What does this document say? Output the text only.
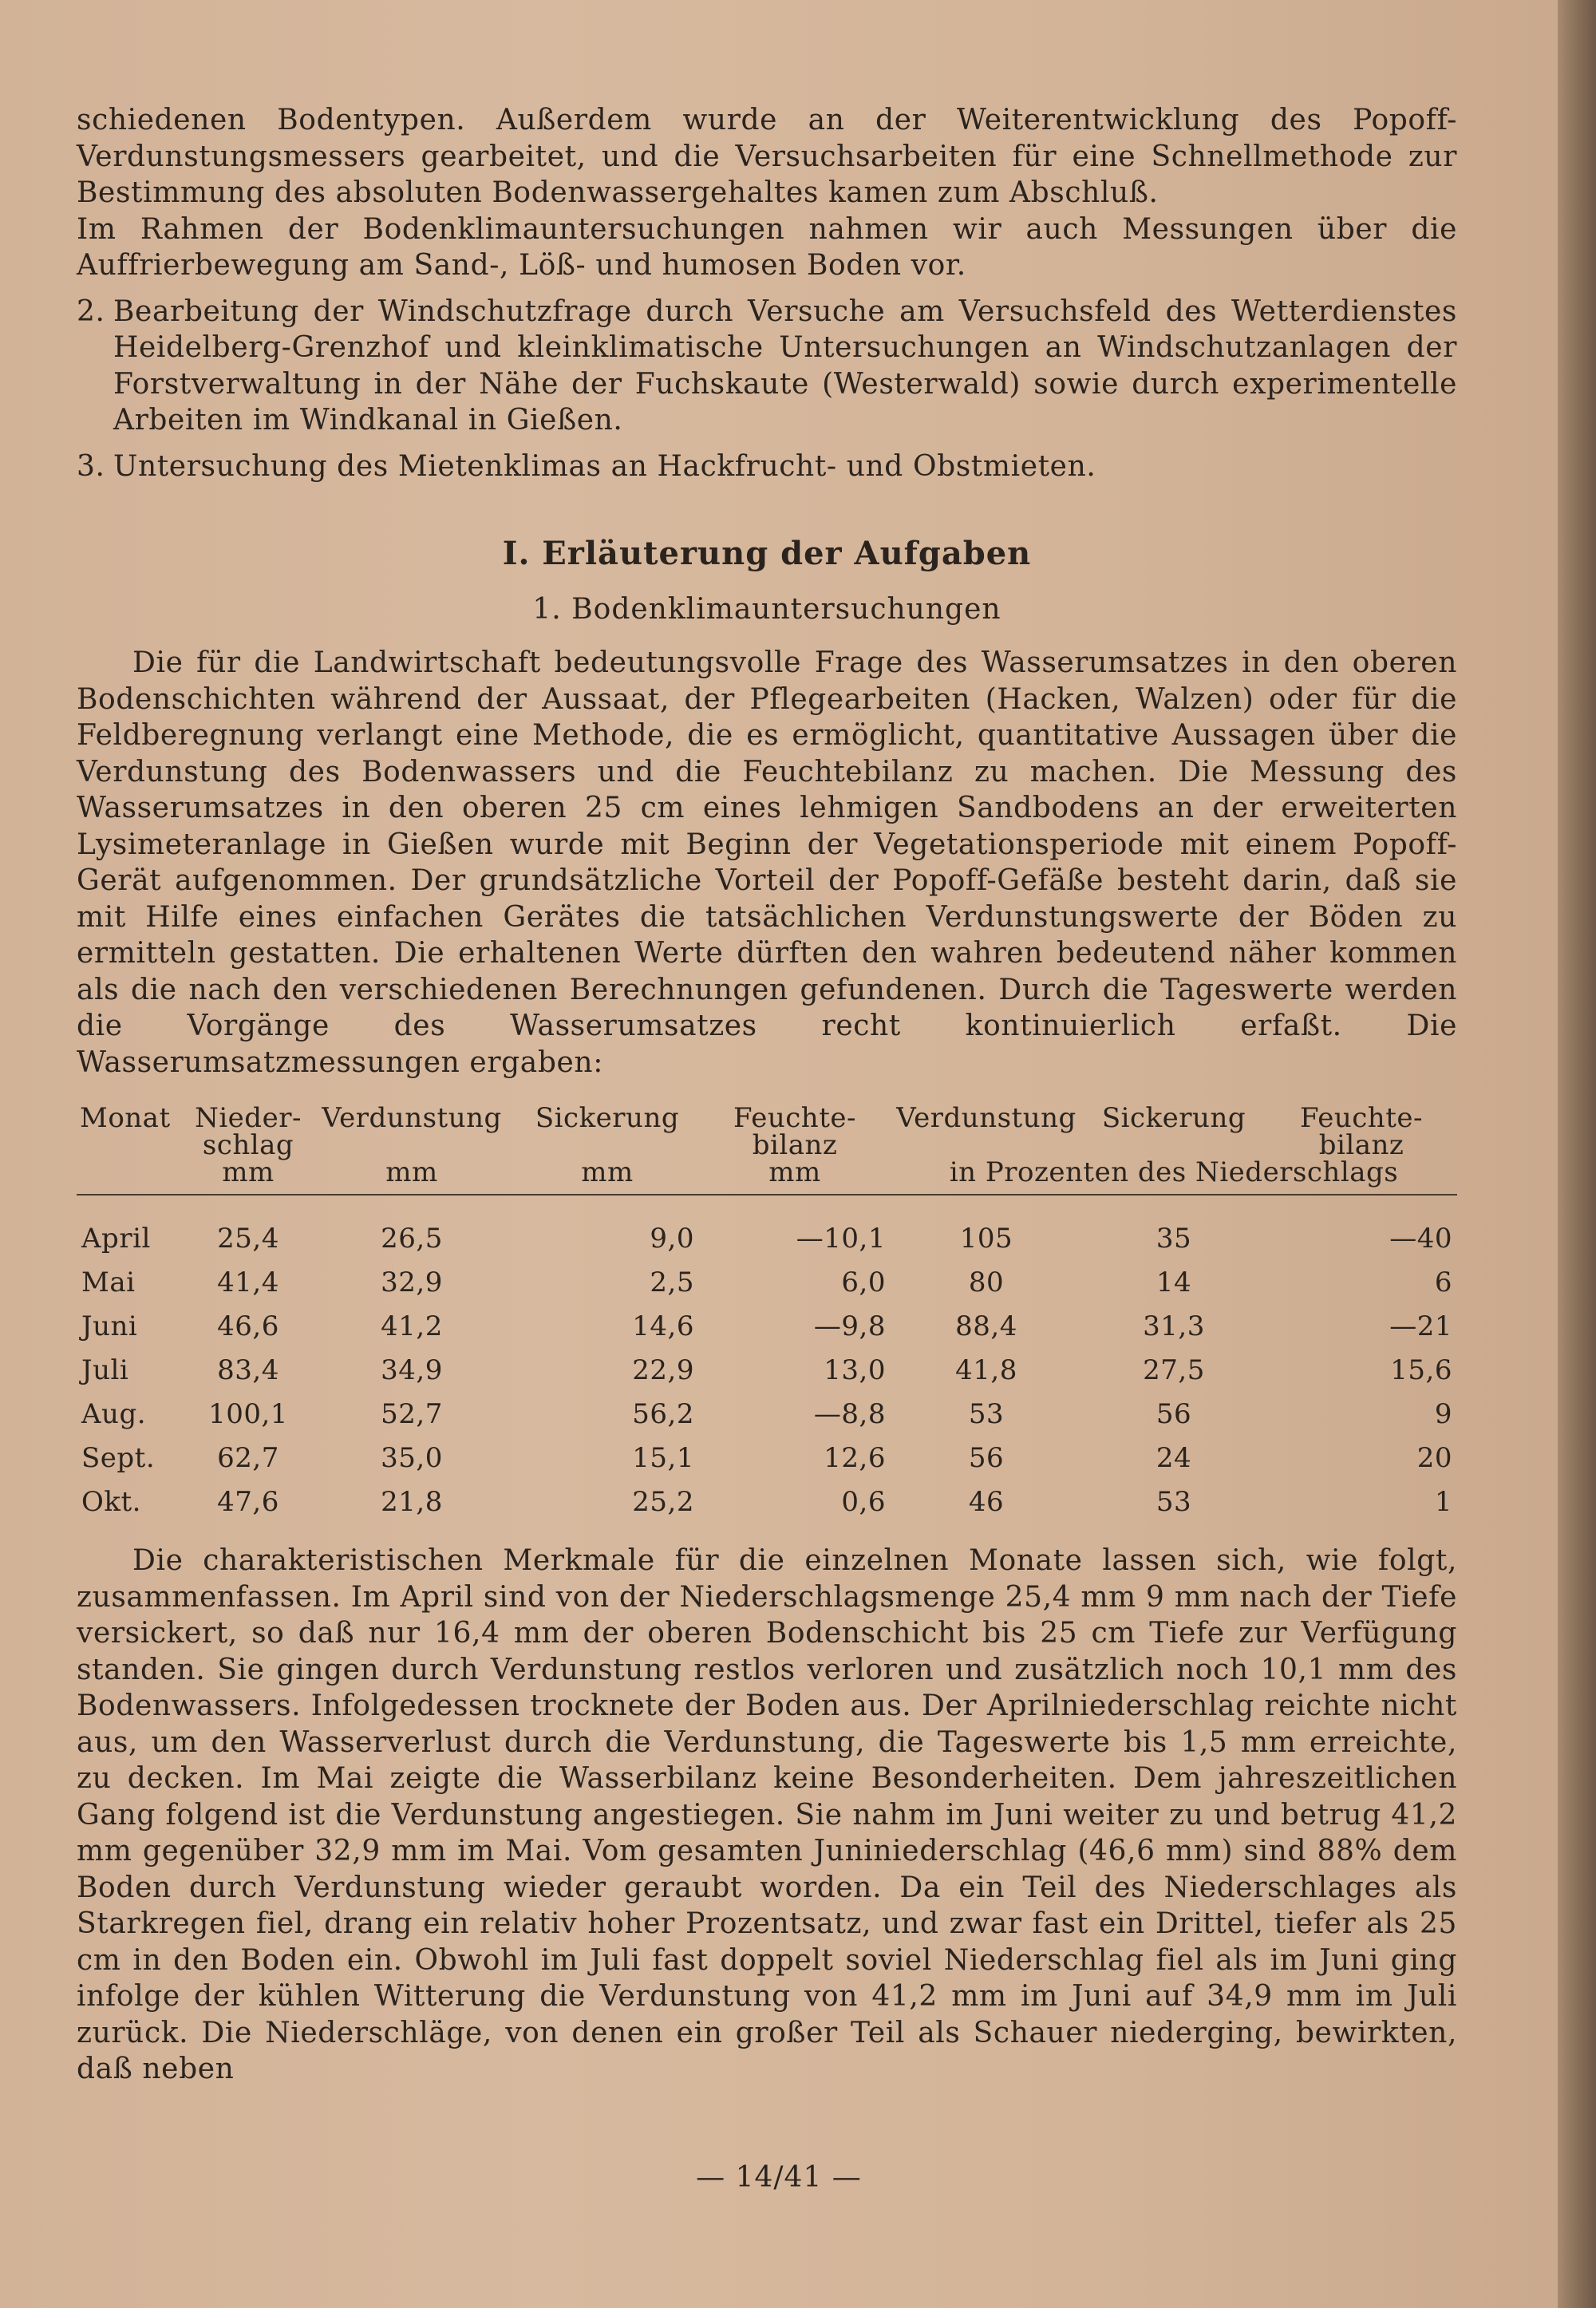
schiedenen Bodentypen. Außerdem wurde an der Weiterentwicklung des Popoff-Verdunstungsmessers gearbeitet, und die Versuchsarbeiten für eine Schnellmethode zur Bestimmung des absoluten Bodenwassergehaltes kamen zum Abschluß.

Im Rahmen der Bodenklimauntersuchungen nahmen wir auch Messungen über die Auffrierbewegung am Sand-, Löß- und humosen Boden vor.

2. Bearbeitung der Windschutzfrage durch Versuche am Versuchsfeld des Wetterdienstes Heidelberg-Grenzhof und kleinklimatische Untersuchungen an Windschutzanlagen der Forstverwaltung in der Nähe der Fuchskaute (Westerwald) sowie durch experimentelle Arbeiten im Windkanal in Gießen.
3. Untersuchung des Mietenklimas an Hackfrucht- und Obstmieten.
I. Erläuterung der Aufgaben
1. Bodenklimauntersuchungen

Die für die Landwirtschaft bedeutungsvolle Frage des Wasserumsatzes in den oberen Bodenschichten während der Aussaat, der Pflegearbeiten (Hacken, Walzen) oder für die Feldberegnung verlangt eine Methode, die es ermöglicht, quantitative Aussagen über die Verdunstung des Bodenwassers und die Feuchtebilanz zu machen. Die Messung des Wasserumsatzes in den oberen 25 cm eines lehmigen Sandbodens an der erweiterten Lysimeteranlage in Gießen wurde mit Beginn der Vegetationsperiode mit einem Popoff-Gerät aufgenommen. Der grundsätzliche Vorteil der Popoff-Gefäße besteht darin, daß sie mit Hilfe eines einfachen Gerätes die tatsächlichen Verdunstungswerte der Böden zu ermitteln gestatten. Die erhaltenen Werte dürften den wahren bedeutend näher kommen als die nach den verschiedenen Berechnungen gefundenen. Durch die Tageswerte werden die Vorgänge des Wasserumsatzes recht kontinuierlich erfaßt. Die Wasserumsatzmessungen ergaben:

Monat	Nieder-schlag	Verdunstung	Sickerung	Feuchte-bilanz	Verdunstung	Sickerung	Feuchte-bilanz
	mm	mm	mm	mm	in Prozenten des Niederschlags		
April	25,4	26,5	9,0	—10,1	105	35	—40
Mai	41,4	32,9	2,5	6,0	80	14	6
Juni	46,6	41,2	14,6	—9,8	88,4	31,3	—21
Juli	83,4	34,9	22,9	13,0	41,8	27,5	15,6
Aug.	100,1	52,7	56,2	—8,8	53	56	9
Sept.	62,7	35,0	15,1	12,6	56	24	20
Okt.	47,6	21,8	25,2	0,6	46	53	1

Die charakteristischen Merkmale für die einzelnen Monate lassen sich, wie folgt, zusammenfassen. Im April sind von der Niederschlagsmenge 25,4 mm 9 mm nach der Tiefe versickert, so daß nur 16,4 mm der oberen Bodenschicht bis 25 cm Tiefe zur Verfügung standen. Sie gingen durch Verdunstung restlos verloren und zusätzlich noch 10,1 mm des Bodenwassers. Infolgedessen trocknete der Boden aus. Der Aprilniederschlag reichte nicht aus, um den Wasserverlust durch die Verdunstung, die Tageswerte bis 1,5 mm erreichte, zu decken. Im Mai zeigte die Wasserbilanz keine Besonderheiten. Dem jahreszeitlichen Gang folgend ist die Verdunstung angestiegen. Sie nahm im Juni weiter zu und betrug 41,2 mm gegenüber 32,9 mm im Mai. Vom gesamten Juniniederschlag (46,6 mm) sind 88% dem Boden durch Verdunstung wieder geraubt worden. Da ein Teil des Niederschlages als Starkregen fiel, drang ein relativ hoher Prozentsatz, und zwar fast ein Drittel, tiefer als 25 cm in den Boden ein. Obwohl im Juli fast doppelt soviel Niederschlag fiel als im Juni ging infolge der kühlen Witterung die Verdunstung von 41,2 mm im Juni auf 34,9 mm im Juli zurück. Die Niederschläge, von denen ein großer Teil als Schauer niederging, bewirkten, daß neben

— 14/41 —
